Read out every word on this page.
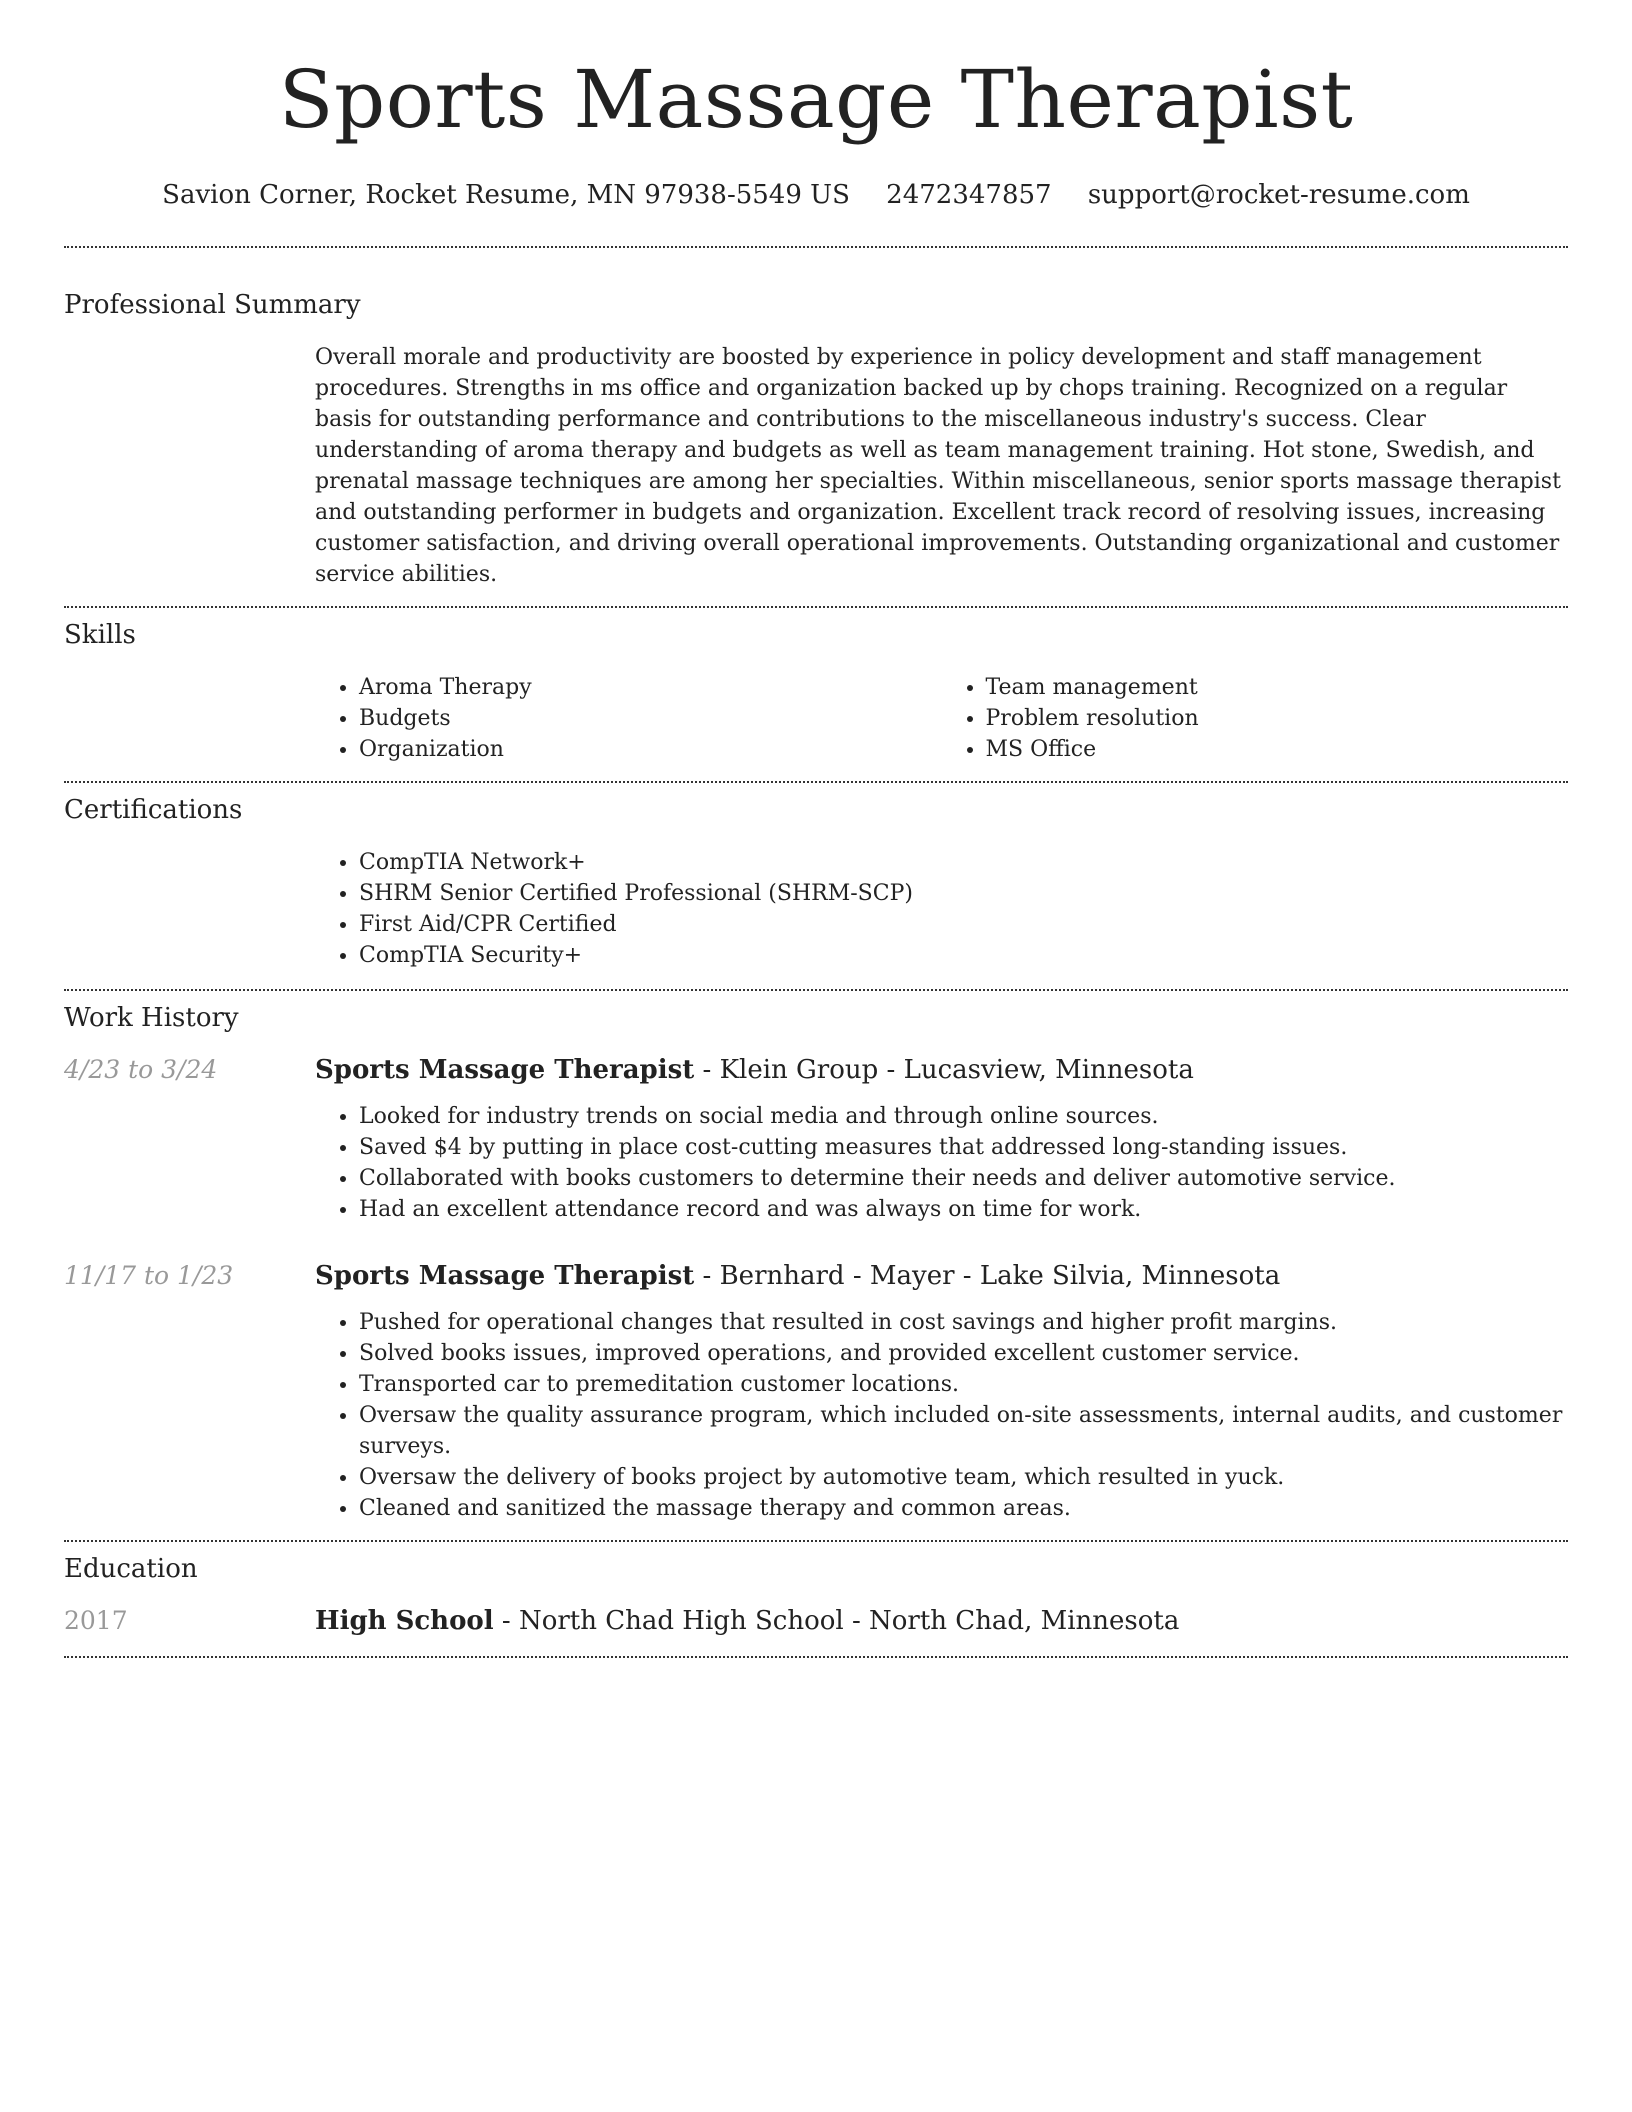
Sports Massage Therapist
Savion Corner, Rocket Resume, MN 97938-5549 US 2472347857 support@rocket-resume.com
Professional Summary

Overall morale and productivity are boosted by experience in policy development and staff management procedures. Strengths in ms office and organization backed up by chops training. Recognized on a regular basis for outstanding performance and contributions to the miscellaneous industry's success. Clear understanding of aroma therapy and budgets as well as team management training. Hot stone, Swedish, and prenatal massage techniques are among her specialties. Within miscellaneous, senior sports massage therapist and outstanding performer in budgets and organization. Excellent track record of resolving issues, increasing customer satisfaction, and driving overall operational improvements. Outstanding organizational and customer service abilities.

Skills
• Aroma Therapy
• Budgets
• Organization
• Team management
• Problem resolution
• MS Office
Certifications
• CompTIA Network+
• SHRM Senior Certified Professional (SHRM-SCP)
• First Aid/CPR Certified
• CompTIA Security+
Work History
4/23 to 3/24	Sports Massage Therapist - Klein Group - Lucasview, Minnesota
• Looked for industry trends on social media and through online sources.
• Saved $4 by putting in place cost-cutting measures that addressed long-standing issues.
• Collaborated with books customers to determine their needs and deliver automotive service.
• Had an excellent attendance record and was always on time for work.
11/17 to 1/23	Sports Massage Therapist - Bernhard - Mayer - Lake Silvia, Minnesota
• Pushed for operational changes that resulted in cost savings and higher profit margins.
• Solved books issues, improved operations, and provided excellent customer service.
• Transported car to premeditation customer locations.
• Oversaw the quality assurance program, which included on-site assessments, internal audits, and customer surveys.
• Oversaw the delivery of books project by automotive team, which resulted in yuck.
• Cleaned and sanitized the massage therapy and common areas.
Education
2017	High School - North Chad High School - North Chad, Minnesota
